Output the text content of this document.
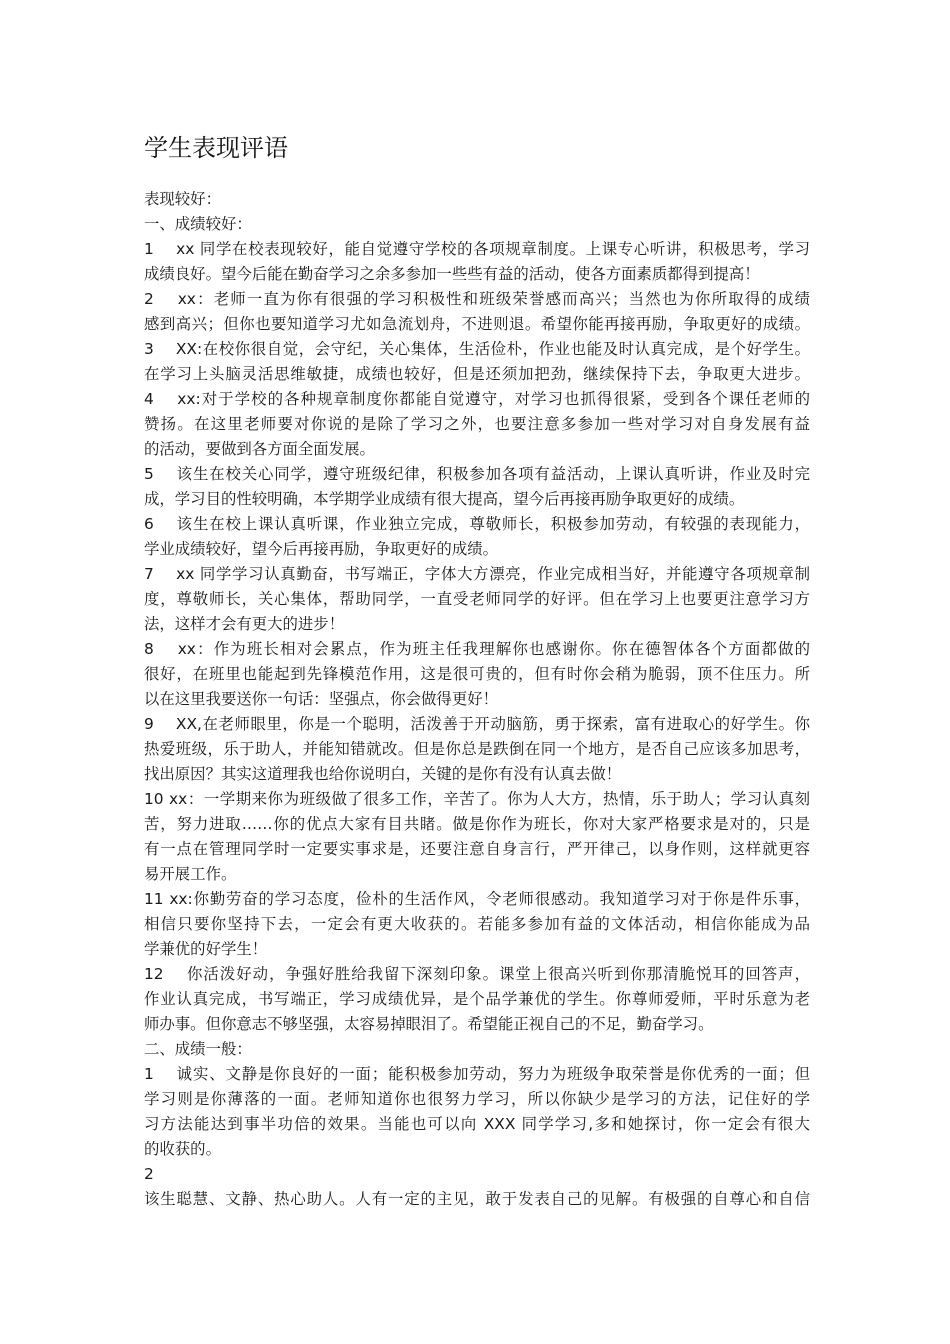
学生表现评语
表现较好：
一、成绩较好：
1　 xx 同学在校表现较好，能自觉遵守学校的各项规章制度。上课专心听讲，积极思考，学习
成绩良好。望今后能在勤奋学习之余多参加一些些有益的活动，使各方面素质都得到提高！
2　 xx：老师一直为你有很强的学习积极性和班级荣誉感而高兴；当然也为你所取得的成绩
感到高兴；但你也要知道学习尤如急流划舟，不进则退。希望你能再接再励，争取更好的成绩。
3　 XX:在校你很自觉，会守纪，关心集体，生活俭朴，作业也能及时认真完成，是个好学生。
在学习上头脑灵活思维敏捷，成绩也较好，但是还须加把劲，继续保持下去，争取更大进步。
4　 xx:对于学校的各种规章制度你都能自觉遵守，对学习也抓得很紧，受到各个课任老师的
赞扬。在这里老师要对你说的是除了学习之外，也要注意多参加一些对学习对自身发展有益
的活动，要做到各方面全面发展。
5　 该生在校关心同学，遵守班级纪律，积极参加各项有益活动，上课认真听讲，作业及时完
成，学习目的性较明确，本学期学业成绩有很大提高，望今后再接再励争取更好的成绩。
6　 该生在校上课认真听课，作业独立完成，尊敬师长，积极参加劳动，有较强的表现能力，
学业成绩较好，望今后再接再励，争取更好的成绩。
7　 xx 同学学习认真勤奋，书写端正，字体大方漂亮，作业完成相当好，并能遵守各项规章制
度，尊敬师长，关心集体，帮助同学，一直受老师同学的好评。但在学习上也要更注意学习方
法，这样才会有更大的进步！
8　 xx：作为班长相对会累点，作为班主任我理解你也感谢你。你在德智体各个方面都做的
很好，在班里也能起到先锋模范作用，这是很可贵的，但有时你会稍为脆弱，顶不住压力。所
以在这里我要送你一句话：坚强点，你会做得更好！
9　 XX,在老师眼里，你是一个聪明，活泼善于开动脑筋，勇于探索，富有进取心的好学生。你
热爱班级，乐于助人，并能知错就改。但是你总是跌倒在同一个地方，是否自己应该多加思考，
找出原因？其实这道理我也给你说明白，关键的是你有没有认真去做！
10 xx：一学期来你为班级做了很多工作，辛苦了。你为人大方，热情，乐于助人；学习认真刻
苦，努力进取……你的优点大家有目共睹。做是你作为班长，你对大家严格要求是对的，只是
有一点在管理同学时一定要实事求是，还要注意自身言行，严开律己，以身作则，这样就更容
易开展工作。
11 xx:你勤劳奋的学习态度，俭朴的生活作风，令老师很感动。我知道学习对于你是件乐事，
相信只要你坚持下去，一定会有更大收获的。若能多参加有益的文体活动，相信你能成为品
学兼优的好学生！
12　 你活泼好动，争强好胜给我留下深刻印象。课堂上很高兴听到你那清脆悦耳的回答声，
作业认真完成，书写端正，学习成绩优异，是个品学兼优的学生。你尊师爱师，平时乐意为老
师办事。但你意志不够坚强，太容易掉眼泪了。希望能正视自己的不足，勤奋学习。
二、成绩一般：
1　 诚实、文静是你良好的一面；能积极参加劳动，努力为班级争取荣誉是你优秀的一面；但
学习则是你薄落的一面。老师知道你也很努力学习，所以你缺少是学习的方法，记住好的学
习方法能达到事半功倍的效果。当能也可以向 XXX 同学学习,多和她探讨，你一定会有很大
的收获的。
2
该生聪慧、文静、热心助人。人有一定的主见，敢于发表自己的见解。有极强的自尊心和自信
